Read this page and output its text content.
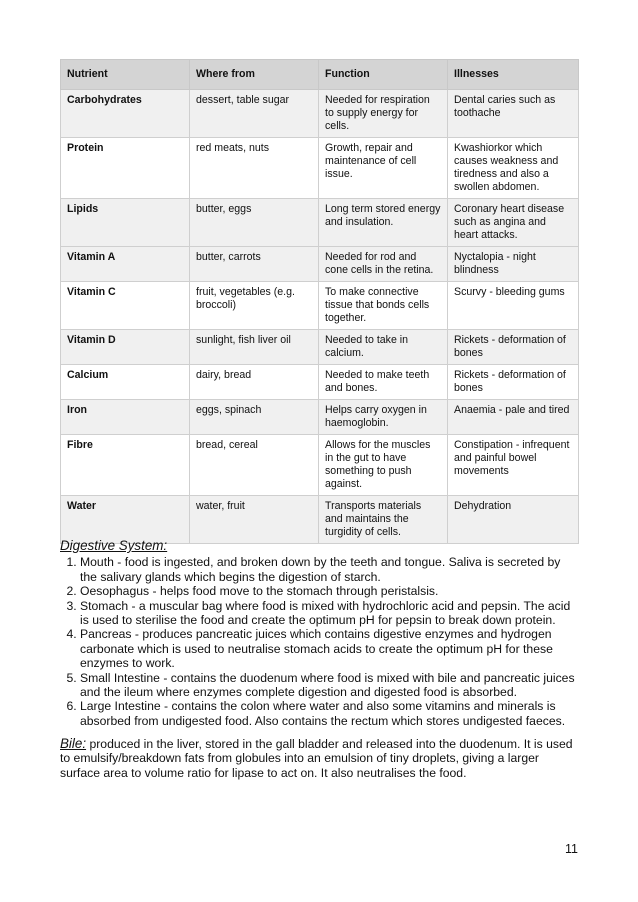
Nutrient	Where from	Function	Illnesses
Carbohydrates	dessert, table sugar	Needed for respiration to supply energy for cells.	Dental caries such as toothache
Protein	red meats, nuts	Growth, repair and maintenance of cell issue.	Kwashiorkor which causes weakness and tiredness and also a swollen abdomen.
Lipids	butter, eggs	Long term stored energy and insulation.	Coronary heart disease such as angina and heart attacks.
Vitamin A	butter, carrots	Needed for rod and cone cells in the retina.	Nyctalopia - night blindness
Vitamin C	fruit, vegetables (e.g. broccoli)	To make connective tissue that bonds cells together.	Scurvy - bleeding gums
Vitamin D	sunlight, fish liver oil	Needed to take in calcium.	Rickets - deformation of bones
Calcium	dairy, bread	Needed to make teeth and bones.	Rickets - deformation of bones
Iron	eggs, spinach	Helps carry oxygen in haemoglobin.	Anaemia - pale and tired
Fibre	bread, cereal	Allows for the muscles in the gut to have something to push against.	Constipation - infrequent and painful bowel movements
Water	water, fruit	Transports materials and maintains the turgidity of cells.	Dehydration
Digestive System:
1. Mouth - food is ingested, and broken down by the teeth and tongue. Saliva is secreted by the salivary glands which begins the digestion of starch.
2. Oesophagus - helps food move to the stomach through peristalsis.
3. Stomach - a muscular bag where food is mixed with hydrochloric acid and pepsin. The acid is used to sterilise the food and create the optimum pH for pepsin to break down protein.
4. Pancreas - produces pancreatic juices which contains digestive enzymes and hydrogen carbonate which is used to neutralise stomach acids to create the optimum pH for these enzymes to work.
5. Small Intestine - contains the duodenum where food is mixed with bile and pancreatic juices and the ileum where enzymes complete digestion and digested food is absorbed.
6. Large Intestine - contains the colon where water and also some vitamins and minerals is absorbed from undigested food. Also contains the rectum which stores undigested faeces.
Bile: produced in the liver, stored in the gall bladder and released into the duodenum. It is used to emulsify/breakdown fats from globules into an emulsion of tiny droplets, giving a larger surface area to volume ratio for lipase to act on. It also neutralises the food.
11
